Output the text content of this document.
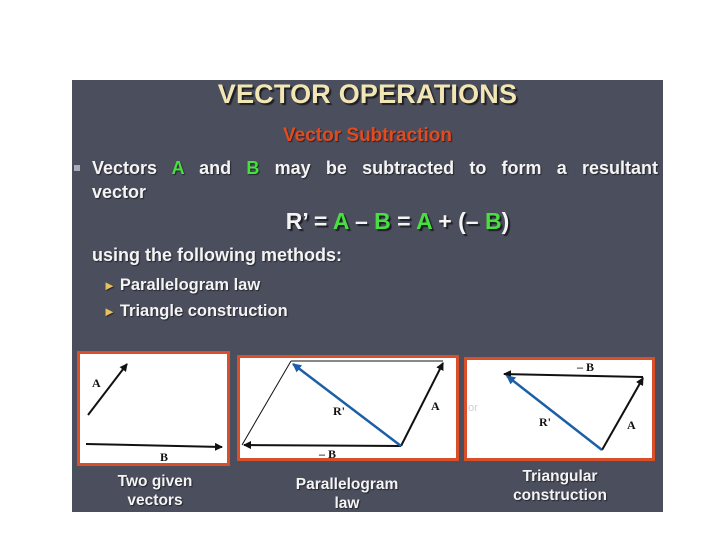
VECTOR OPERATIONS
Vector Subtraction
Vectors A and B may be subtracted to form a resultant
vector
R’ = A – B = A + (– B)
using the following methods:
► Parallelogram law
► Triangle construction
A
B
R'	A
– B
– B
R'	A
Two given
vectors
Parallelogram
law
Triangular
construction
or
